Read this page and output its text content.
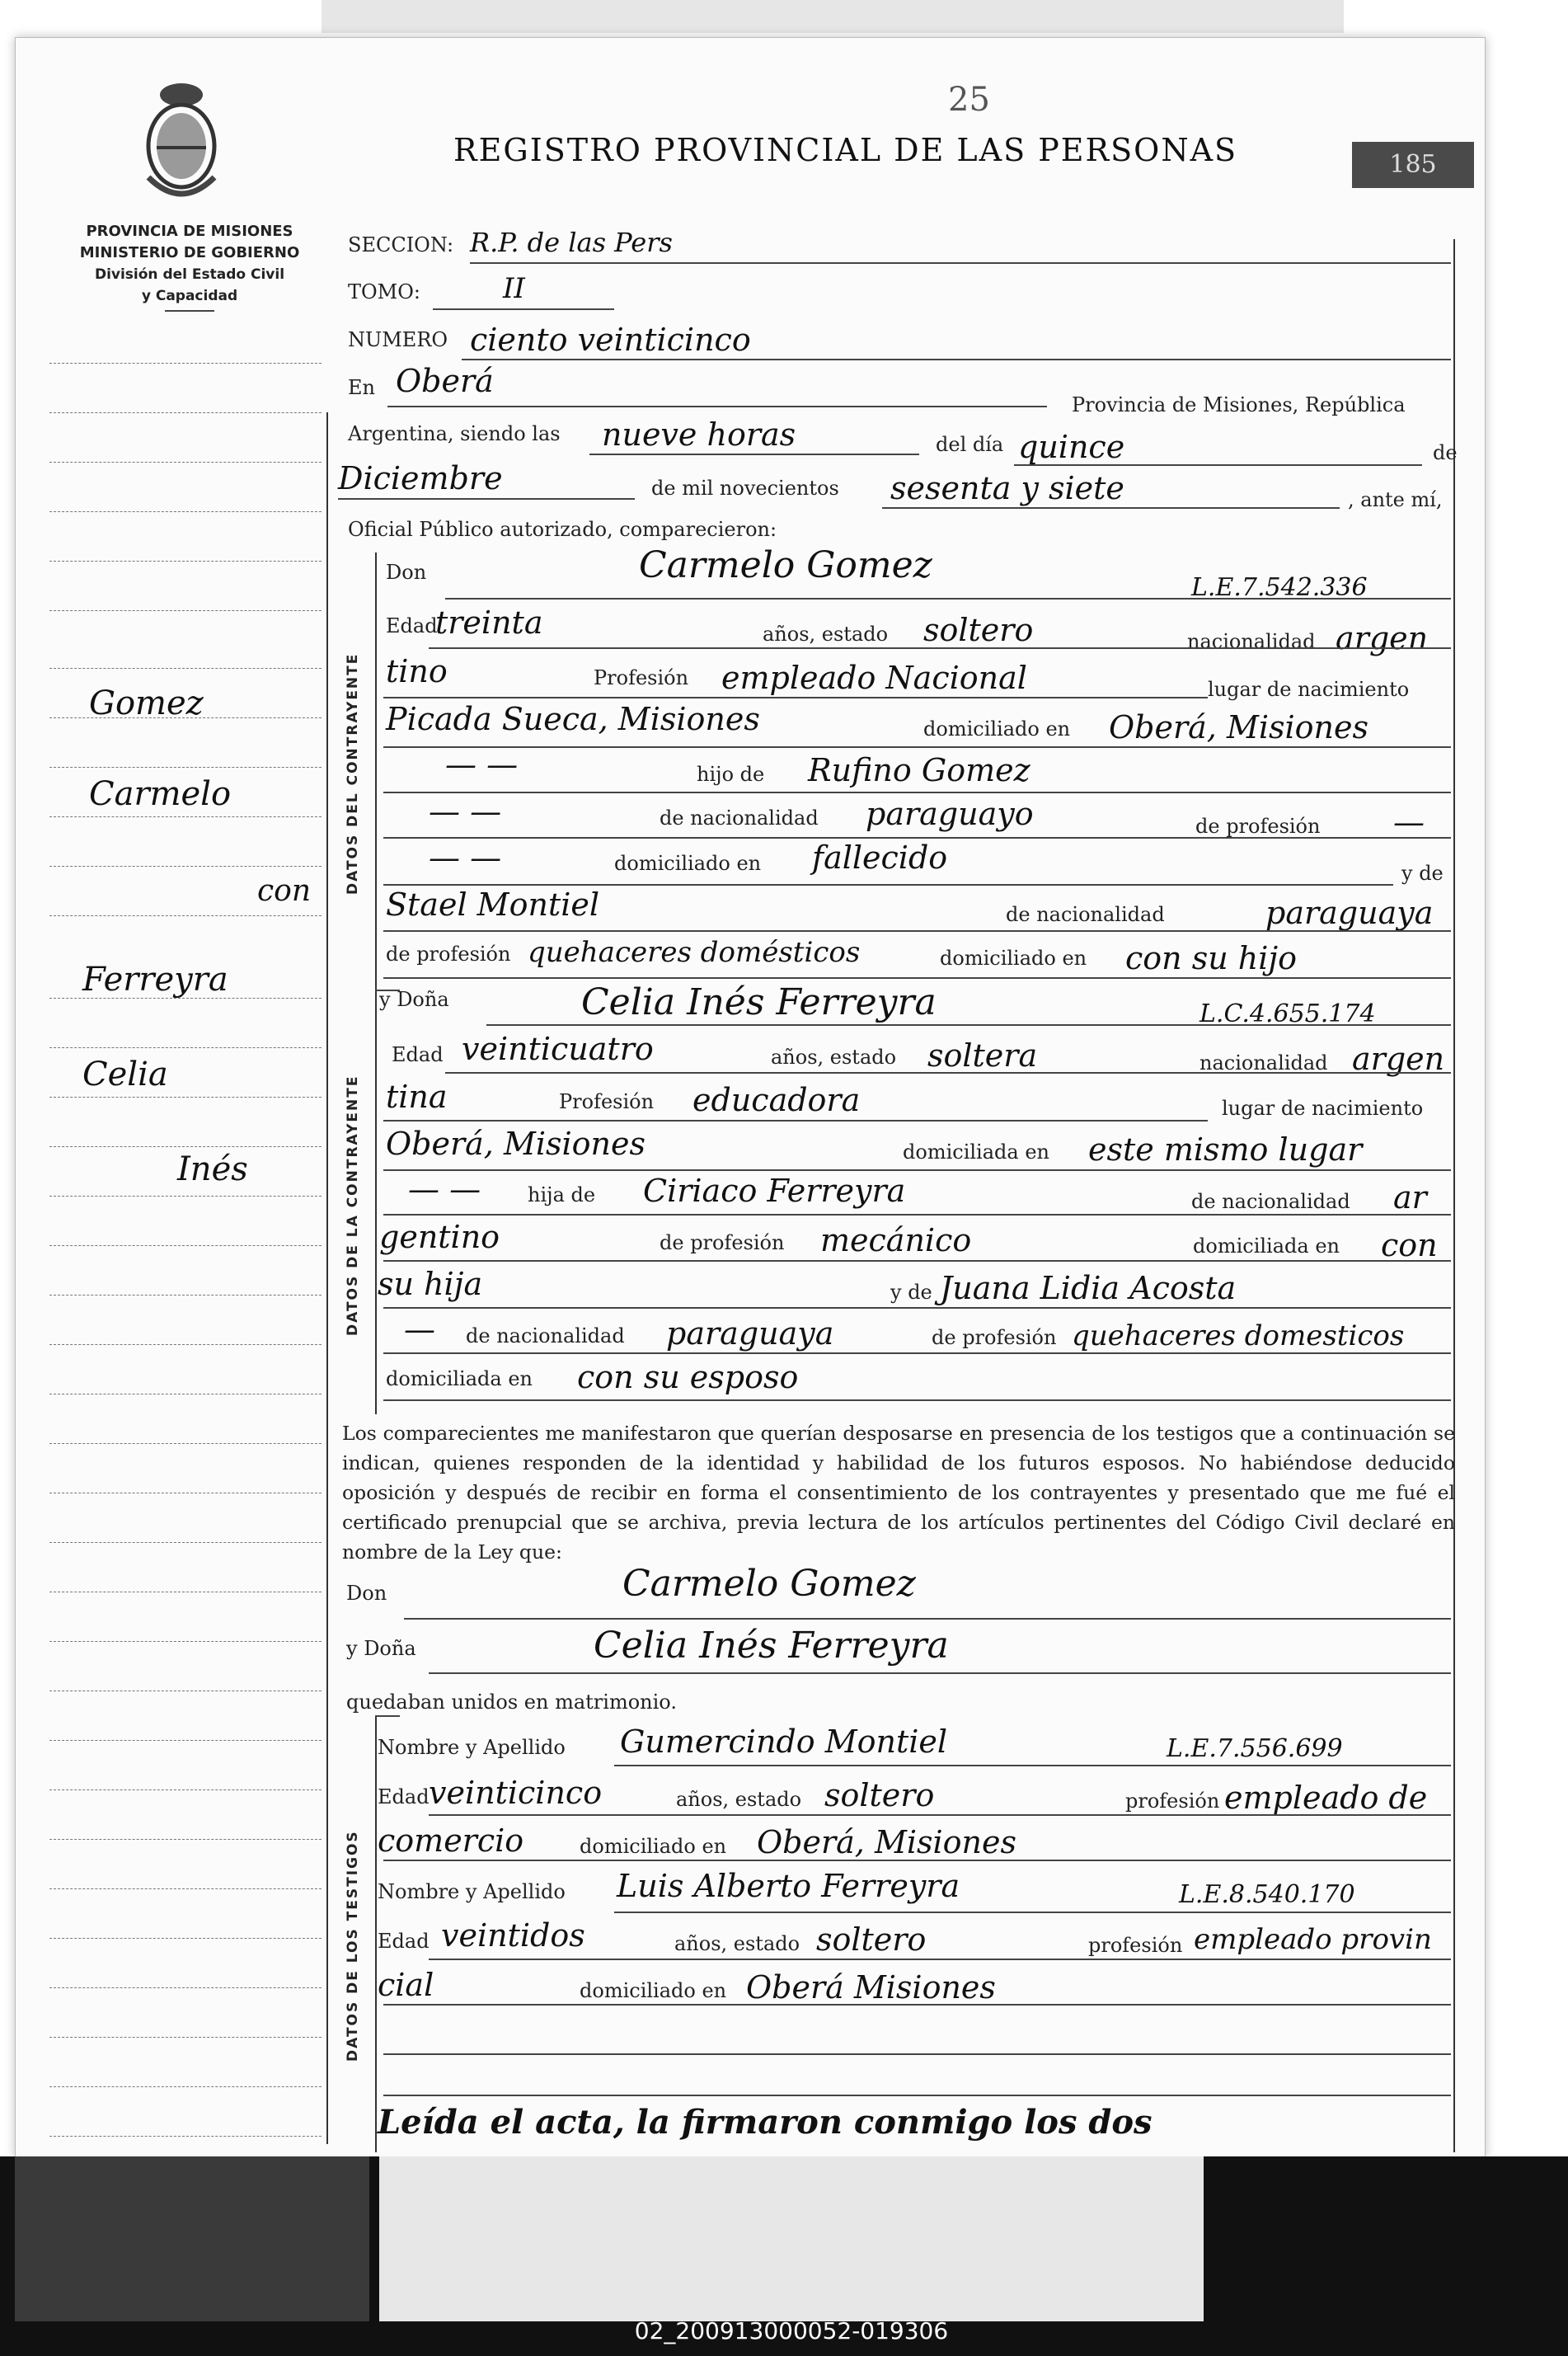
25
REGISTRO PROVINCIAL DE LAS PERSONAS	185
PROVINCIA DE MISIONES
MINISTERIO DE GOBIERNO
División del Estado Civil
y Capacidad
Gomez
Carmelo
con
Ferreyra
Celia
Inés
DATOS DEL CONTRAYENTE
DATOS DE LA CONTRAYENTE
DATOS DE LOS TESTIGOS
SECCION: R.P. de las Pers
TOMO:	II
NUMERO ciento veinticinco
En Oberá
Provincia de Misiones, República
Argentina, siendo las nueve horas	del día quince	de
Diciembre	de mil novecientos sesenta y siete	, ante mí,
Oficial Público autorizado, comparecieron:
Don	Carmelo Gomez
L.E.7.542.336
Edad
treinta	años, estado soltero	nacionalidad argen
tino	Profesión empleado Nacional	lugar de nacimiento
Picada Sueca, Misiones	domiciliado en Oberá, Misiones
— —	hijo de Rufino Gomez
— —	de nacionalidad paraguayo	de profesión —
— —	domiciliado en fallecido	y de
Stael Montiel	de nacionalidad	paraguaya
de profesión quehaceres domésticos	domiciliado en con su hijo
y Doña	Celia Inés Ferreyra	L.C.4.655.174
Edad veinticuatro	años, estado soltera	nacionalidad argen
tina	Profesión educadora	lugar de nacimiento
Oberá, Misiones	domiciliada en este mismo lugar
— — hija de Ciriaco Ferreyra	de nacionalidad ar
gentino	de profesión mecánico	domiciliada en con
su hija	y de Juana Lidia Acosta
— de nacionalidad paraguaya	de profesión quehaceres domesticos
domiciliada en con su esposo
Los comparecientes me manifestaron que querían desposarse en presencia de los testigos que a continuación se indican, quienes responden de la identidad y habilidad de los futuros esposos. No habiéndose deducido oposición y después de recibir en forma el consentimiento de los contrayentes y presentado que me fué el certificado prenupcial que se archiva, previa lectura de los artículos pertinentes del Código Civil declaré en nombre de la Ley que:
Don	Carmelo Gomez
y Doña	Celia Inés Ferreyra
quedaban unidos en matrimonio.
Nombre y Apellido Gumercindo Montiel	L.E.7.556.699
Edad veinticinco	años, estado soltero	profesión empleado de
comercio	domiciliado en Oberá, Misiones
Nombre y Apellido Luis Alberto Ferreyra	L.E.8.540.170
Edad veintidos	años, estado soltero	profesión empleado provin
cial	domiciliado en Oberá Misiones
Leída el acta, la firmaron conmigo los dos
02_200913000052-019306
